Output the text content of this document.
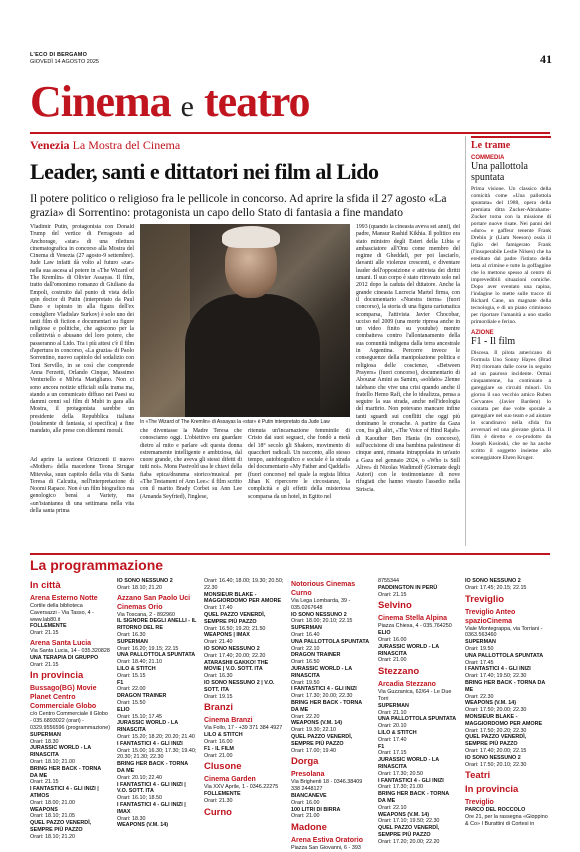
L'ECO DI BERGAMO
GIOVEDÌ 14 AGOSTO 2025	41
Cinema e teatro
Venezia La Mostra del Cinema
Leader, santi e dittatori nei film al Lido
Il potere politico o religioso fra le pellicole in concorso. Ad aprire la sfida il 27 agosto «La grazia» di Sorrentino: protagonista un capo dello Stato di fantasia a fine mandato
Vladimir Putin, protagonista con Donald Trump del vertice di Ferragosto ad Anchorage, «star» di una rilettura cinematografica in concorso alla Mostra del Cinema di Venezia (27 agosto-9 settembre). Jude Law infatti dà volto al futuro «zar» nella sua ascesa al potere in «The Wizard of The Kremlin» di Olivier Assayas. Il film, tratto dall'omonimo romanzo di Giuliano da Empoli, costruito dal punto di vista dello spin doctor di Putin (interpretato da Paul Dano e ispirato in alla figura dell'ex consigliere Vladislav Surkov) è solo uno dei tanti film di fiction e documentari su figure religiose e politiche, che agiscono per la collettività o abusano del loro potere, che passeranno al Lido. Tra i più attesi c'è il film d'apertura in concorso, «La grazia» di Paolo Sorrentino, nuovo capitolo del sodalizio con Toni Servillo, in se così che comprende Anna Ferzetti, Orlando Cinque, Massimo Venturiello e Milvia Marigliano. Non ci sono ancora notizie ufficiali sulla trama ma, stando a un comunicato diffuso nei Paesi su dammi cenni sul film di Mubi in gara alla Mostra, il protagonista sarebbe un presidente della Repubblica italiana (totalmente di fantasia, si specifica) a fine mandato, alle prese con dilemmi morali.
Ad aprire la sezione Orizzonti il nuovo «Mother» della macedone Teona Strugar Mitevska, suun capitolo della vita di Santa Teresa di Calcutta, nell'interpretazione di Noomi Rapace. Non è un film biografico ma genologico bensì a Variety, ma «un'istantanea di una settimana nella vita della santa prima
In «The Wizard of The Kremlin» di Assayas la «star» è Putin interpretato da Jude Law
che diventasse la Madre Teresa che conosciamo oggi. L'obiettivo era guardare dietro al mito e parlare «di questa donna estremamente intelligente e ambiziosa, dal cuore grande, che aveva gli stessi difetti di tutti noi». Mons Pastvold usa le chiavi della fiaba epica/dramma storico/musical per «The Testament of Ann Lee»: il film scritto con il marito Brady Corbet su Ann Lee (Amanda Seyfried), l'inglese,
ritenuta un'incarnazione femminile di Cristo dai suoi seguaci, che fondò a metà del 18° secolo gli Shakers, movimento di quaccheri radicali. Un racconto, allo stesso tempo, autobiografico e sociale è la strada del documentario «My Father and Qaddafi» (fuori concorso) nel quale la regista libica Jihan K ripercorre le circostanze, la complicità e gli effetti della misteriosa scomparsa da un hotel, in Egitto nel
1993 (quando la cineasta aveva sei anni), del padre, Mansur Rashid Kikhia. Il politico era stato ministro degli Esteri della Libia e ambasciatore all'Onu come membro del regime di Gheddafi, per poi lasciarlo, davanti alle violenze crescenti, e diventare leader dell'opposizione e attivista dei diritti umani. Il suo corpo è stato ritrovato solo nel 2012 dopo la caduta del dittatore. Anche la grande cineasta Lucrecia Martel firma, con il documentario «Nuestra tierra» (fuori concorso), la storia di una figura carismatica scomparsa, l'attivista Javier Chocobar, ucciso nel 2009 (una morte ripresa anche in un video finito su youtube) mentre combatteva contro l'allontanamento della sua comunità indigena dalla terra ancestrale in Argentina. Percorre invece le conseguenze della manipolazione politica e religiosa delle coscienze, «Between Prayers» (fuori concorso), documentario di Abouzar Amini as Samim, «soldato» 2lenne talebano che vive una crisi quando anche il fratello Hemo Rafi, che lo idealizza, pensa a seguire la sua strada, anche nell'ideologia del martirio. Non potevano mancare infine tanti sguardi sui conflitti che oggi più dominano le cronache. A partire da Gaza con, fra gli altri, «The Voice of Hind Rajab» di Kaouther Ben Hania (in concorso), sull'uccisione di una bambina palestinese di cinque anni, rimasta intrappolata in un'auto a Gaza nel gennaio 2024, o «Who is Still Alive» di Nicolas Wadimoff (Giornate degli Autori) con le testimonianze di nove rifugiati che hanno vissuto l'assedio nella Striscia.
Le trame
COMMEDIA
Una pallottola spuntata
Prima visione. Un classico della comicità come «Una pallottola spuntata» del 1988, opera della premiata ditta Zucker-Abrahams-Zucker torna con la missione di portare nuove risate. Nei panni del «duro» e gaffeur tenente Frank Drebin jr (Liam Neeson) ossia il figlio del famigerato Frank (l'insuperabile Leslie Nilsen) che ha ereditato dal padre l'istinto della letta al crimine e tutte la goffaggine che lo mettono spesso al centro di imprevedibili situazioni comiche. Dopo aver sventato una rapina, l'indagine lo mette sulle tracce di Richard Cane, un magnate della tecnologia, e di un piano criminoso per riportare l'umanità a uno stadio primordiale e ferino.
AZIONE
F1 - Il film
Discesa. Il pilota americano di Formula Uno Sonny Hayes (Brad Pitt) ritornato dalle corse in seguito ad un pauroso incidente. Ormai cinquantenne, ha continuato a gareggiare su circuiti minori. Un giorno il suo vecchio amico Ruben Cervantes (Javier Bardem) lo contatta per due volte sporale a gareggiare nel suo team e ad aiutare lo scandinavo nella sfida fra avversari ed una giovane gloria. Il film è diretto e co-prodotto da Joseph Kosinski, che ne ha anche scritto il soggetto insieme allo sceneggiatore Ehren Kruger.
La programmazione
In città
Arena Esterno Notte
Cortile della biblioteca Caversazzi - Via Tasso, 4 - www.lab80.it
FOLLEMENTE
Orari: 21.15
Arena Santa Lucia
Via Santa Lucia, 14 - 035.320828
UNA TERAPIA DI GRUPPO
Orari: 21.15
In provincia
Bussago(BG) Movie Planet Centro Commerciale Globo
c/o Centro Commerciale il Globo - 035.6893022 (orari) - 0329.9556596 (programmazione)
SUPERMAN
Orari: 18.30
JURASSIC WORLD - LA RINASCITA
Orari: 18.10; 21.00
BRING HER BACK - TORNA DA ME
Orari: 21.15
I FANTASTICI 4 - GLI INIZI | ATMOS
Orari: 18.00; 21.00
WEAPONS
Orari: 18.10; 21.05
QUEL PAZZO VENERDÌ, SEMPRE PIÙ PAZZO
Orari: 18.10; 21.20
IO SONO NESSUNO 2
Orari: 18.10; 21.20
Azzano San Paolo Uci Cinemas Orio
Via Toscana, 2 - 892960
IL SIGNORE DEGLI ANELLI - IL RITORNO DEL RE
Orari: 16.30
SUPERMAN
Orari: 16.20; 19.15; 22.15
UNA PALLOTTOLA SPUNTATA
Orari: 18.40; 21.10
LILO & STITCH
Orari: 15.15
F1
Orari: 22.00
DRAGON TRAINER
Orari: 15.50
ELIO
Orari: 15.10; 17.45
JURASSIC WORLD - LA RINASCITA
Orari: 15.20; 18.20; 20.20; 21.40
I FANTASTICI 4 - GLI INIZI
Orari: 15.00; 16.30; 17.30; 19.40; 20.30; 21.30; 22.30
BRING HER BACK - TORNA DA ME
Orari: 20.10; 22.40
I FANTASTICI 4 - GLI INIZI | V.O. SOTT. ITA
Orari: 16.10; 18.50
I FANTASTICI 4 - GLI INIZI | IMAX
Orari: 18.30
WEAPONS (V.M. 14)
Orari: 16.40; 18.00; 19.30; 20.50; 22.30
MONSIEUR BLAKE - MAGGIORDOMO PER AMORE
Orari: 17.40
QUEL PAZZO VENERDÌ, SEMPRE PIÙ PAZZO
Orari: 16.50; 19.20; 21.50
WEAPONS | IMAX
Orari: 21.40
IO SONO NESSUNO 2
Orari: 17.40; 20.00; 22.20
ATARASHII GAKKO! THE MOVIE | V.O. SOTT. ITA
Orari: 16.30
IO SONO NESSUNO 2 | V.O. SOTT. ITA
Orari: 19.15
Branzi
Cinema Branzi
Via Follo, 17 - +39 371 384 4927
LILO & STITCH
Orari: 16.00
F1 - IL FILM
Orari: 21.00
Clusone
Cinema Garden
Via XXV Aprile, 1 - 0346.22275
FOLLEMENTE
Orari: 21.30
Curno
Notorious Cinemas Curno
Via Lega Lombarda, 39 - 035.0267648
IO SONO NESSUNO 2
Orari: 18.00; 20.10; 22.15
SUPERMAN
Orari: 16.40
UNA PALLOTTOLA SPUNTATA
Orari: 22.10
DRAGON TRAINER
Orari: 16.50
JURASSIC WORLD - LA RINASCITA
Orari: 19.50
I FANTASTICI 4 - GLI INIZI
Orari: 17.30; 20.00; 22.30
BRING HER BACK - TORNA DA ME
Orari: 22.20
WEAPONS (V.M. 14)
Orari: 19.30; 22.10
QUEL PAZZO VENERDÌ, SEMPRE PIÙ PAZZO
Orari: 17.00; 19.40
Dorga
Presolana
Via Brighenti 18 - 0346.38409 338 2448127
BIANCANEVE
Orari: 16.00
100 LITRI DI BIRRA
Orari: 21.00
Madone
Arena Estiva Oratorio
Piazza San Giovanni, 6 - 393
8755344
PADDINGTON IN PERÙ
Orari: 21.15
Selvino
Cinema Stella Alpina
Piazza Chiesa, 4 - 035.764250
ELIO
Orari: 16.00
JURASSIC WORLD - LA RINASCITA
Orari: 21.00
Stezzano
Arcadia Stezzano
Via Guzzanica, 62/64 - Le Due Torri
SUPERMAN
Orari: 21.10
UNA PALLOTTOLA SPUNTATA
Orari: 20.10
LILO & STITCH
Orari: 17.40
F1
Orari: 17.15
JURASSIC WORLD - LA RINASCITA
Orari: 17.30; 20.50
I FANTASTICI 4 - GLI INIZI
Orari: 17.30; 21.00
BRING HER BACK - TORNA DA ME
Orari: 22.10
WEAPONS (V.M. 14)
Orari: 17.10; 19.50; 22.30
QUEL PAZZO VENERDÌ, SEMPRE PIÙ PAZZO
Orari: 17.20; 20.00; 22.20
IO SONO NESSUNO 2
Orari: 17.45; 20.15; 22.15
Treviglio
Treviglio Anteo spazioCinema
Viale Montegrappa, via Torriani - 0363.563460
SUPERMAN
Orari: 19.50
UNA PALLOTTOLA SPUNTATA
Orari: 17.45
I FANTASTICI 4 - GLI INIZI
Orari: 17.40; 19.50; 22.30
BRING HER BACK - TORNA DA ME
Orari: 22.30
WEAPONS (V.M. 14)
Orari: 17.50; 20.00; 22.30
MONSIEUR BLAKE - MAGGIORDOMO PER AMORE
Orari: 17.50; 20.20; 22.30
QUEL PAZZO VENERDÌ, SEMPRE PIÙ PAZZO
Orari: 17.40; 20.00; 22.15
IO SONO NESSUNO 2
Orari: 17.50; 20.10; 22.30
Teatri
In provincia
Treviglio
PARCO DEL ROCCOLO
Ore 21, per la rassegna «Gioppino & Co» I Burattini di Cortesi in
